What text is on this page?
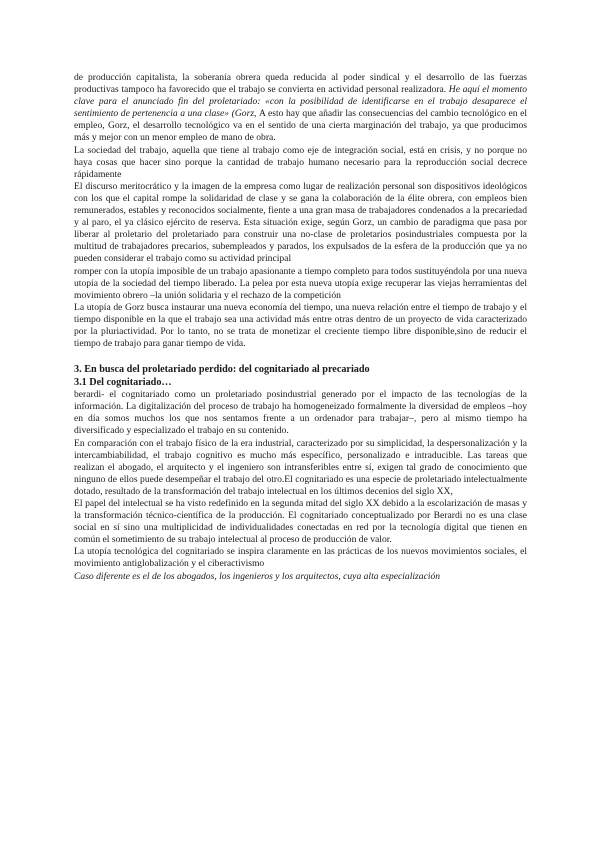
de producción capitalista, la soberanía obrera queda reducida al poder sindical y el desarrollo de las fuerzas productivas tampoco ha favorecido que el trabajo se convierta en actividad personal realizadora. He aquí el momento clave para el anunciado fin del proletariado: «con la posibilidad de identificarse en el trabajo desaparece el sentimiento de pertenencia a una clase» (Gorz, A esto hay que añadir las consecuencias del cambio tecnológico en el empleo, Gorz, el desarrollo tecnológico va en el sentido de una cierta marginación del trabajo, ya que producimos más y mejor con un menor empleo de mano de obra.

La sociedad del trabajo, aquella que tiene al trabajo como eje de integración social, está en crisis, y no porque no haya cosas que hacer sino porque la cantidad de trabajo humano necesario para la reproducción social decrece rápidamente

El discurso meritocrático y la imagen de la empresa como lugar de realización personal son dispositivos ideológicos con los que el capital rompe la solidaridad de clase y se gana la colaboración de la élite obrera, con empleos bien remunerados, estables y reconocidos socialmente, fiente a una gran masa de trabajadores condenados a la precariedad y al paro, el ya clásico ejército de reserva. Esta situación exige, según Gorz, un cambio de paradigma que pasa por liberar al proletario del proletariado para construir una no-clase de proletarios posindustriales compuesta por la multitud de trabajadores precarios, subempleados y parados, los expulsados de la esfera de la producción que ya no pueden considerar el trabajo como su actividad principal

romper con la utopía imposible de un trabajo apasionante a tiempo completo para todos sustituyéndola por una nueva utopía de la sociedad del tiempo liberado. La pelea por esta nueva utopía exige recuperar las viejas herramientas del movimiento obrero –la unión solidaria y el rechazo de la competición

La utopía de Gorz busca instaurar una nueva economía del tiempo, una nueva relación entre el tiempo de trabajo y el tiempo disponible en la que el trabajo sea una actividad más entre otras dentro de un proyecto de vida caracterizado por la pluriactividad. Por lo tanto, no se trata de monetizar el creciente tiempo libre disponible,sino de reducir el tiempo de trabajo para ganar tiempo de vida.

3. En busca del proletariado perdido: del cognitariado al precariado

3.1 Del cognitariado…

berardi- el cognitariado como un proletariado posindustrial generado por el impacto de las tecnologías de la información. La digitalización del proceso de trabajo ha homogeneizado formalmente la diversidad de empleos –hoy en día somos muchos los que nos sentamos frente a un ordenador para trabajar–, pero al mismo tiempo ha diversificado y especializado el trabajo en su contenido.

En comparación con el trabajo físico de la era industrial, caracterizado por su simplicidad, la despersonalización y la intercambiabilidad, el trabajo cognitivo es mucho más específico, personalizado e intraducible. Las tareas que realizan el abogado, el arquitecto y el ingeniero son intransferibles entre sí, exigen tal grado de conocimiento que ninguno de ellos puede desempeñar el trabajo del otro.El cognitariado es una especie de proletariado intelectualmente dotado, resultado de la transformación del trabajo intelectual en los últimos decenios del siglo XX,

El papel del intelectual se ha visto redefinido en la segunda mitad del siglo XX debido a la escolarización de masas y la transformación técnico-científica de la producción. El cognitariado conceptualizado por Berardi no es una clase social en sí sino una multiplicidad de individualidades conectadas en red por la tecnología digital que tienen en común el sometimiento de su trabajo intelectual al proceso de producción de valor.

La utopía tecnológica del cognitariado se inspira claramente en las prácticas de los nuevos movimientos sociales, el movimiento antiglobalización y el ciberactivismo

Caso diferente es el de los abogados, los ingenieros y los arquitectos, cuya alta especialización
